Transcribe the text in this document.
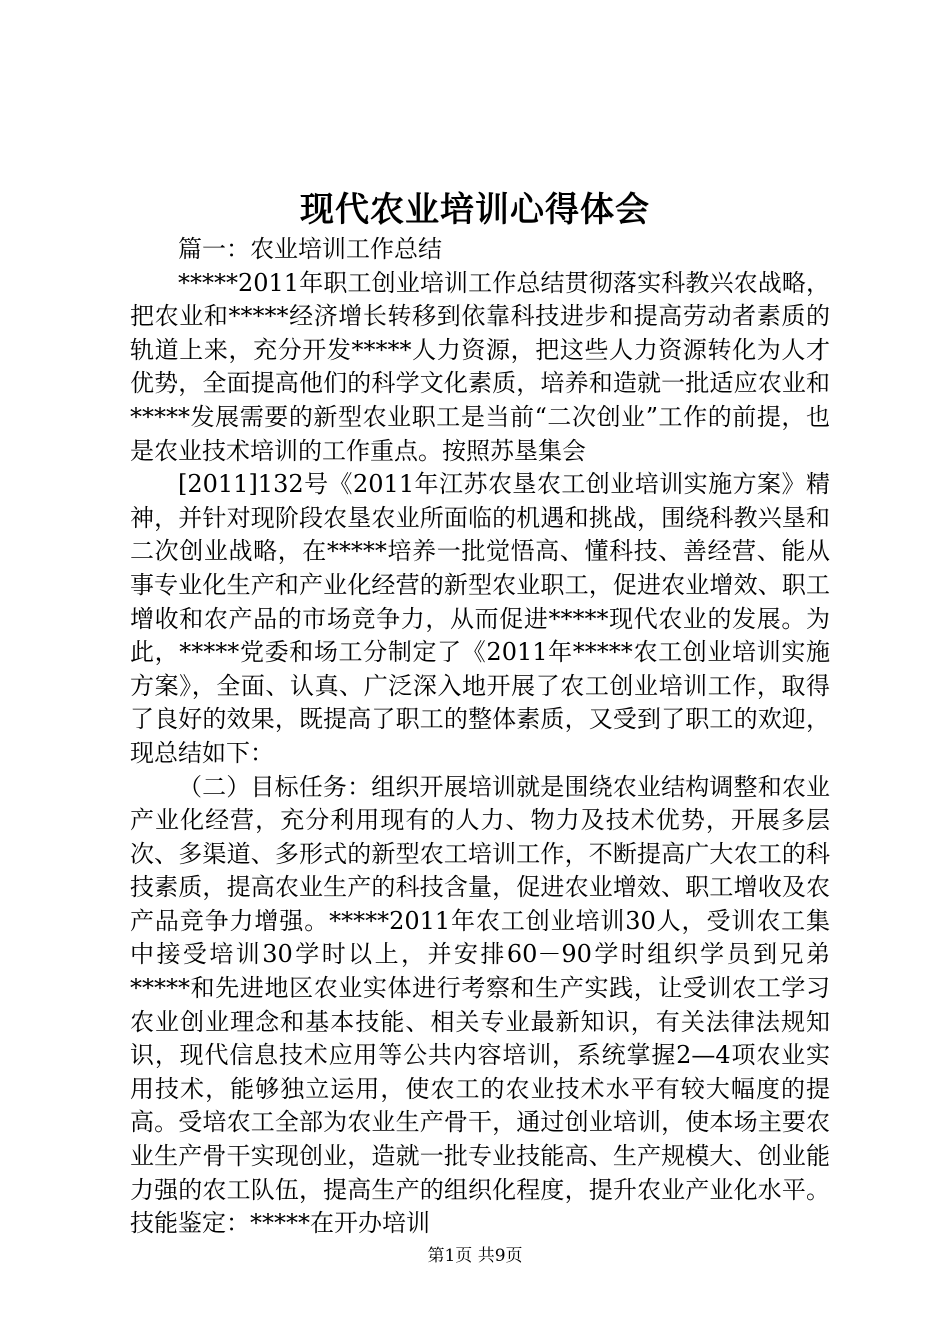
现代农业培训心得体会

篇一：农业培训工作总结

*****2011年职工创业培训工作总结贯彻落实科教兴农战略，把农业和*****经济增长转移到依靠科技进步和提高劳动者素质的轨道上来，充分开发*****人力资源，把这些人力资源转化为人才优势，全面提高他们的科学文化素质，培养和造就一批适应农业和*****发展需要的新型农业职工是当前“二次创业”工作的前提，也是农业技术培训的工作重点。按照苏垦集会

[2011]132号《2011年江苏农垦农工创业培训实施方案》精神，并针对现阶段农垦农业所面临的机遇和挑战，围绕科教兴垦和二次创业战略，在*****培养一批觉悟高、懂科技、善经营、能从事专业化生产和产业化经营的新型农业职工，促进农业增效、职工增收和农产品的市场竞争力，从而促进*****现代农业的发展。为此，*****党委和场工分制定了《2011年*****农工创业培训实施方案》，全面、认真、广泛深入地开展了农工创业培训工作，取得了良好的效果，既提高了职工的整体素质，又受到了职工的欢迎，现总结如下：

（二）目标任务：组织开展培训就是围绕农业结构调整和农业产业化经营，充分利用现有的人力、物力及技术优势，开展多层次、多渠道、多形式的新型农工培训工作，不断提高广大农工的科技素质，提高农业生产的科技含量，促进农业增效、职工增收及农产品竞争力增强。*****2011年农工创业培训30人，受训农工集中接受培训30学时以上，并安排60－90学时组织学员到兄弟*****和先进地区农业实体进行考察和生产实践，让受训农工学习农业创业理念和基本技能、相关专业最新知识，有关法律法规知识，现代信息技术应用等公共内容培训，系统掌握2—4项农业实用技术，能够独立运用，使农工的农业技术水平有较大幅度的提高。受培农工全部为农业生产骨干，通过创业培训，使本场主要农业生产骨干实现创业，造就一批专业技能高、生产规模大、创业能力强的农工队伍，提高生产的组织化程度，提升农业产业化水平。技能鉴定：*****在开办培训

第1页 共9页
